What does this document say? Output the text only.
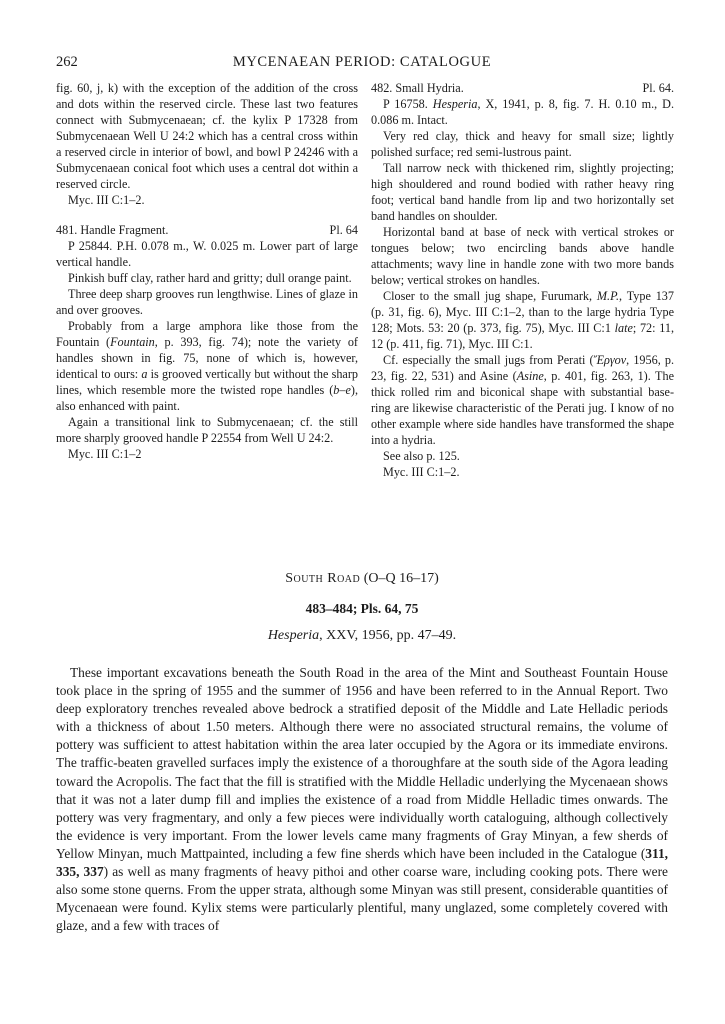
262	MYCENAEAN PERIOD: CATALOGUE

fig. 60, j, k) with the exception of the addition of the cross and dots within the reserved circle. These last two features connect with Submycenaean; cf. the kylix P 17328 from Submycenaean Well U 24:2 which has a central cross within a reserved circle in interior of bowl, and bowl P 24246 with a Submycenaean conical foot which uses a central dot within a reserved circle.

Myc. III C:1–2.

481. Handle Fragment.	Pl. 64

P 25844. P.H. 0.078 m., W. 0.025 m. Lower part of large vertical handle.

Pinkish buff clay, rather hard and gritty; dull orange paint.

Three deep sharp grooves run lengthwise. Lines of glaze in and over grooves.

Probably from a large amphora like those from the Fountain (Fountain, p. 393, fig. 74); note the variety of handles shown in fig. 75, none of which is, however, identical to ours: a is grooved vertically but without the sharp lines, which resemble more the twisted rope handles (b–e), also enhanced with paint.

Again a transitional link to Submycenaean; cf. the still more sharply grooved handle P 22554 from Well U 24:2.

Myc. III C:1–2

482. Small Hydria.	Pl. 64.

P 16758. Hesperia, X, 1941, p. 8, fig. 7. H. 0.10 m., D. 0.086 m. Intact.

Very red clay, thick and heavy for small size; lightly polished surface; red semi-lustrous paint.

Tall narrow neck with thickened rim, slightly projecting; high shouldered and round bodied with rather heavy ring foot; vertical band handle from lip and two horizontally set band handles on shoulder.

Horizontal band at base of neck with vertical strokes or tongues below; two encircling bands above handle attachments; wavy line in handle zone with two more bands below; vertical strokes on handles.

Closer to the small jug shape, Furumark, M.P., Type 137 (p. 31, fig. 6), Myc. III C:1–2, than to the large hydria Type 128; Mots. 53: 20 (p. 373, fig. 75), Myc. III C:1 late; 72: 11, 12 (p. 411, fig. 71), Myc. III C:1.

Cf. especially the small jugs from Perati (Ἔργον, 1956, p. 23, fig. 22, 531) and Asine (Asine, p. 401, fig. 263, 1). The thick rolled rim and biconical shape with substantial base-ring are likewise characteristic of the Perati jug. I know of no other example where side handles have transformed the shape into a hydria.

See also p. 125.

Myc. III C:1–2.

South Road (O–Q 16–17)
483–484; Pls. 64, 75
Hesperia, XXV, 1956, pp. 47–49.

These important excavations beneath the South Road in the area of the Mint and Southeast Fountain House took place in the spring of 1955 and the summer of 1956 and have been referred to in the Annual Report. Two deep exploratory trenches revealed above bedrock a stratified deposit of the Middle and Late Helladic periods with a thickness of about 1.50 meters. Although there were no associated structural remains, the volume of pottery was sufficient to attest habitation within the area later occupied by the Agora or its immediate environs. The traffic-beaten gravelled surfaces imply the existence of a thoroughfare at the south side of the Agora leading toward the Acropolis. The fact that the fill is stratified with the Middle Helladic underlying the Mycenaean shows that it was not a later dump fill and implies the existence of a road from Middle Helladic times onwards. The pottery was very fragmentary, and only a few pieces were individually worth cataloguing, although collectively the evidence is very important. From the lower levels came many fragments of Gray Minyan, a few sherds of Yellow Minyan, much Mattpainted, including a few fine sherds which have been included in the Catalogue (311, 335, 337) as well as many fragments of heavy pithoi and other coarse ware, including cooking pots. There were also some stone querns. From the upper strata, although some Minyan was still present, considerable quantities of Mycenaean were found. Kylix stems were particularly plentiful, many unglazed, some completely covered with glaze, and a few with traces of
